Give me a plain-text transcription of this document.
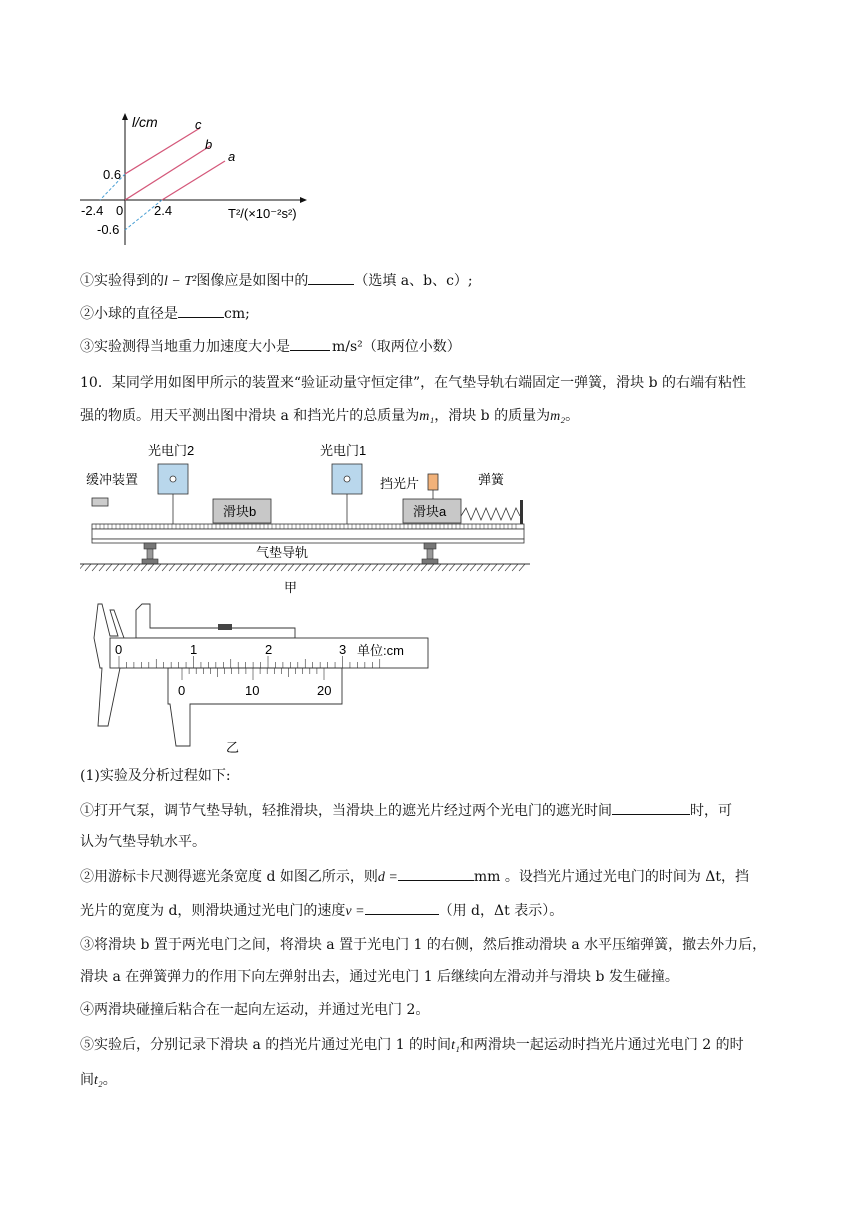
l/cm	c
b
a
0.6
-2.4 0 2.4
-0.6
T²/(×10⁻²s²)
①实验得到的l − T²图像应是如图中的	（选填 a、b、c）;
②小球的直径是	cm;
③实验测得当地重力加速度大小是	m/s²（取两位小数）
10．某同学用如图甲所示的装置来“验证动量守恒定律”，在气垫导轨右端固定一弹簧，滑块 b 的右端有粘性
强的物质。用天平测出图中滑块 a 和挡光片的总质量为m₁，滑块 b 的质量为m₂。
缓冲装置
光电门2	光电门1
挡光片	弹簧
滑块b	滑块a
气垫导轨
甲
0	1	2	3 单位:cm
0	10	20
乙
(1)实验及分析过程如下:
①打开气泵，调节气垫导轨，轻推滑块，当滑块上的遮光片经过两个光电门的遮光时间	时，可
认为气垫导轨水平。
②用游标卡尺测得遮光条宽度 d 如图乙所示，则d =	mm 。设挡光片通过光电门的时间为 Δt，挡
光片的宽度为 d，则滑块通过光电门的速度v =	（用 d，Δt 表示）。
③将滑块 b 置于两光电门之间，将滑块 a 置于光电门 1 的右侧，然后推动滑块 a 水平压缩弹簧，撤去外力后，
滑块 a 在弹簧弹力的作用下向左弹射出去，通过光电门 1 后继续向左滑动并与滑块 b 发生碰撞。
④两滑块碰撞后粘合在一起向左运动，并通过光电门 2。
⑤实验后，分别记录下滑块 a 的挡光片通过光电门 1 的时间t₁和两滑块一起运动时挡光片通过光电门 2 的时
间t₂。
